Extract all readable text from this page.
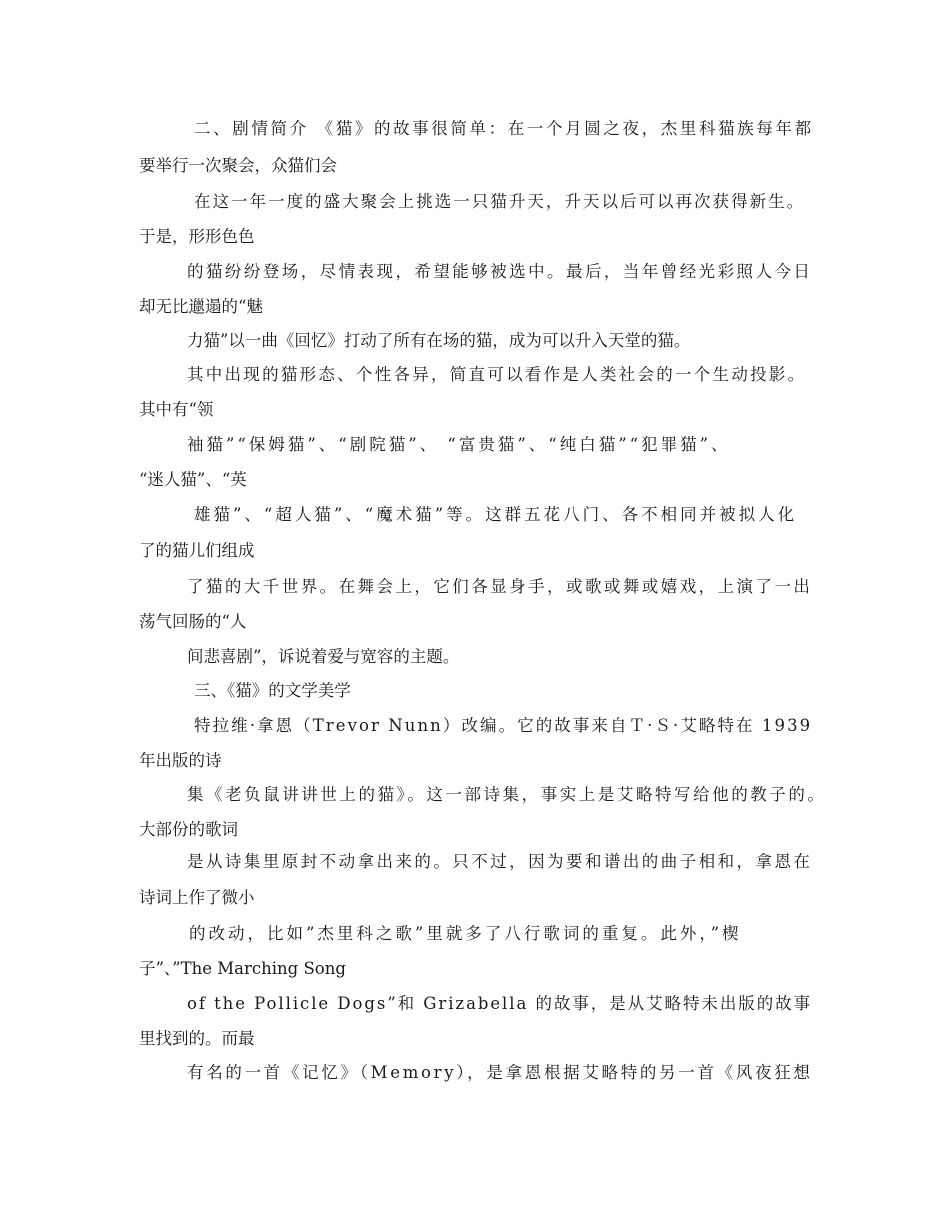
二、剧情简介 《猫》的故事很简单：在一个月圆之夜，杰里科猫族每年都
要举行一次聚会，众猫们会
在这一年一度的盛大聚会上挑选一只猫升天，升天以后可以再次获得新生。
于是，形形色色
的猫纷纷登场，尽情表现，希望能够被选中。最后，当年曾经光彩照人今日
却无比邋遢的“魅
力猫”以一曲《回忆》打动了所有在场的猫，成为可以升入天堂的猫。
其中出现的猫形态、个性各异，简直可以看作是人类社会的一个生动投影。
其中有“领
袖猫”“保姆猫”、“剧院猫”、 “富贵猫”、“纯白猫”“犯罪猫”、
“迷人猫”、“英
雄猫”、“超人猫”、“魔术猫”等。这群五花八门、各不相同并被拟人化
了的猫儿们组成
了猫的大千世界。在舞会上，它们各显身手，或歌或舞或嬉戏，上演了一出
荡气回肠的“人
间悲喜剧”，诉说着爱与宽容的主题。
三、《猫》的文学美学
特拉维·拿恩（Trevor Nunn）改编。它的故事来自Ｔ·Ｓ·艾略特在 1939
年出版的诗
集《老负鼠讲讲世上的猫》。这一部诗集，事实上是艾略特写给他的教子的。
大部份的歌词
是从诗集里原封不动拿出来的。只不过，因为要和谱出的曲子相和，拿恩在
诗词上作了微小
的改动，比如”杰里科之歌”里就多了八行歌词的重复。此外，”楔
子”、”The Marching Song
of the Pollicle Dogs”和 Grizabella 的故事，是从艾略特未出版的故事
里找到的。而最
有名的一首《记忆》（Memory），是拿恩根据艾略特的另一首《风夜狂想
